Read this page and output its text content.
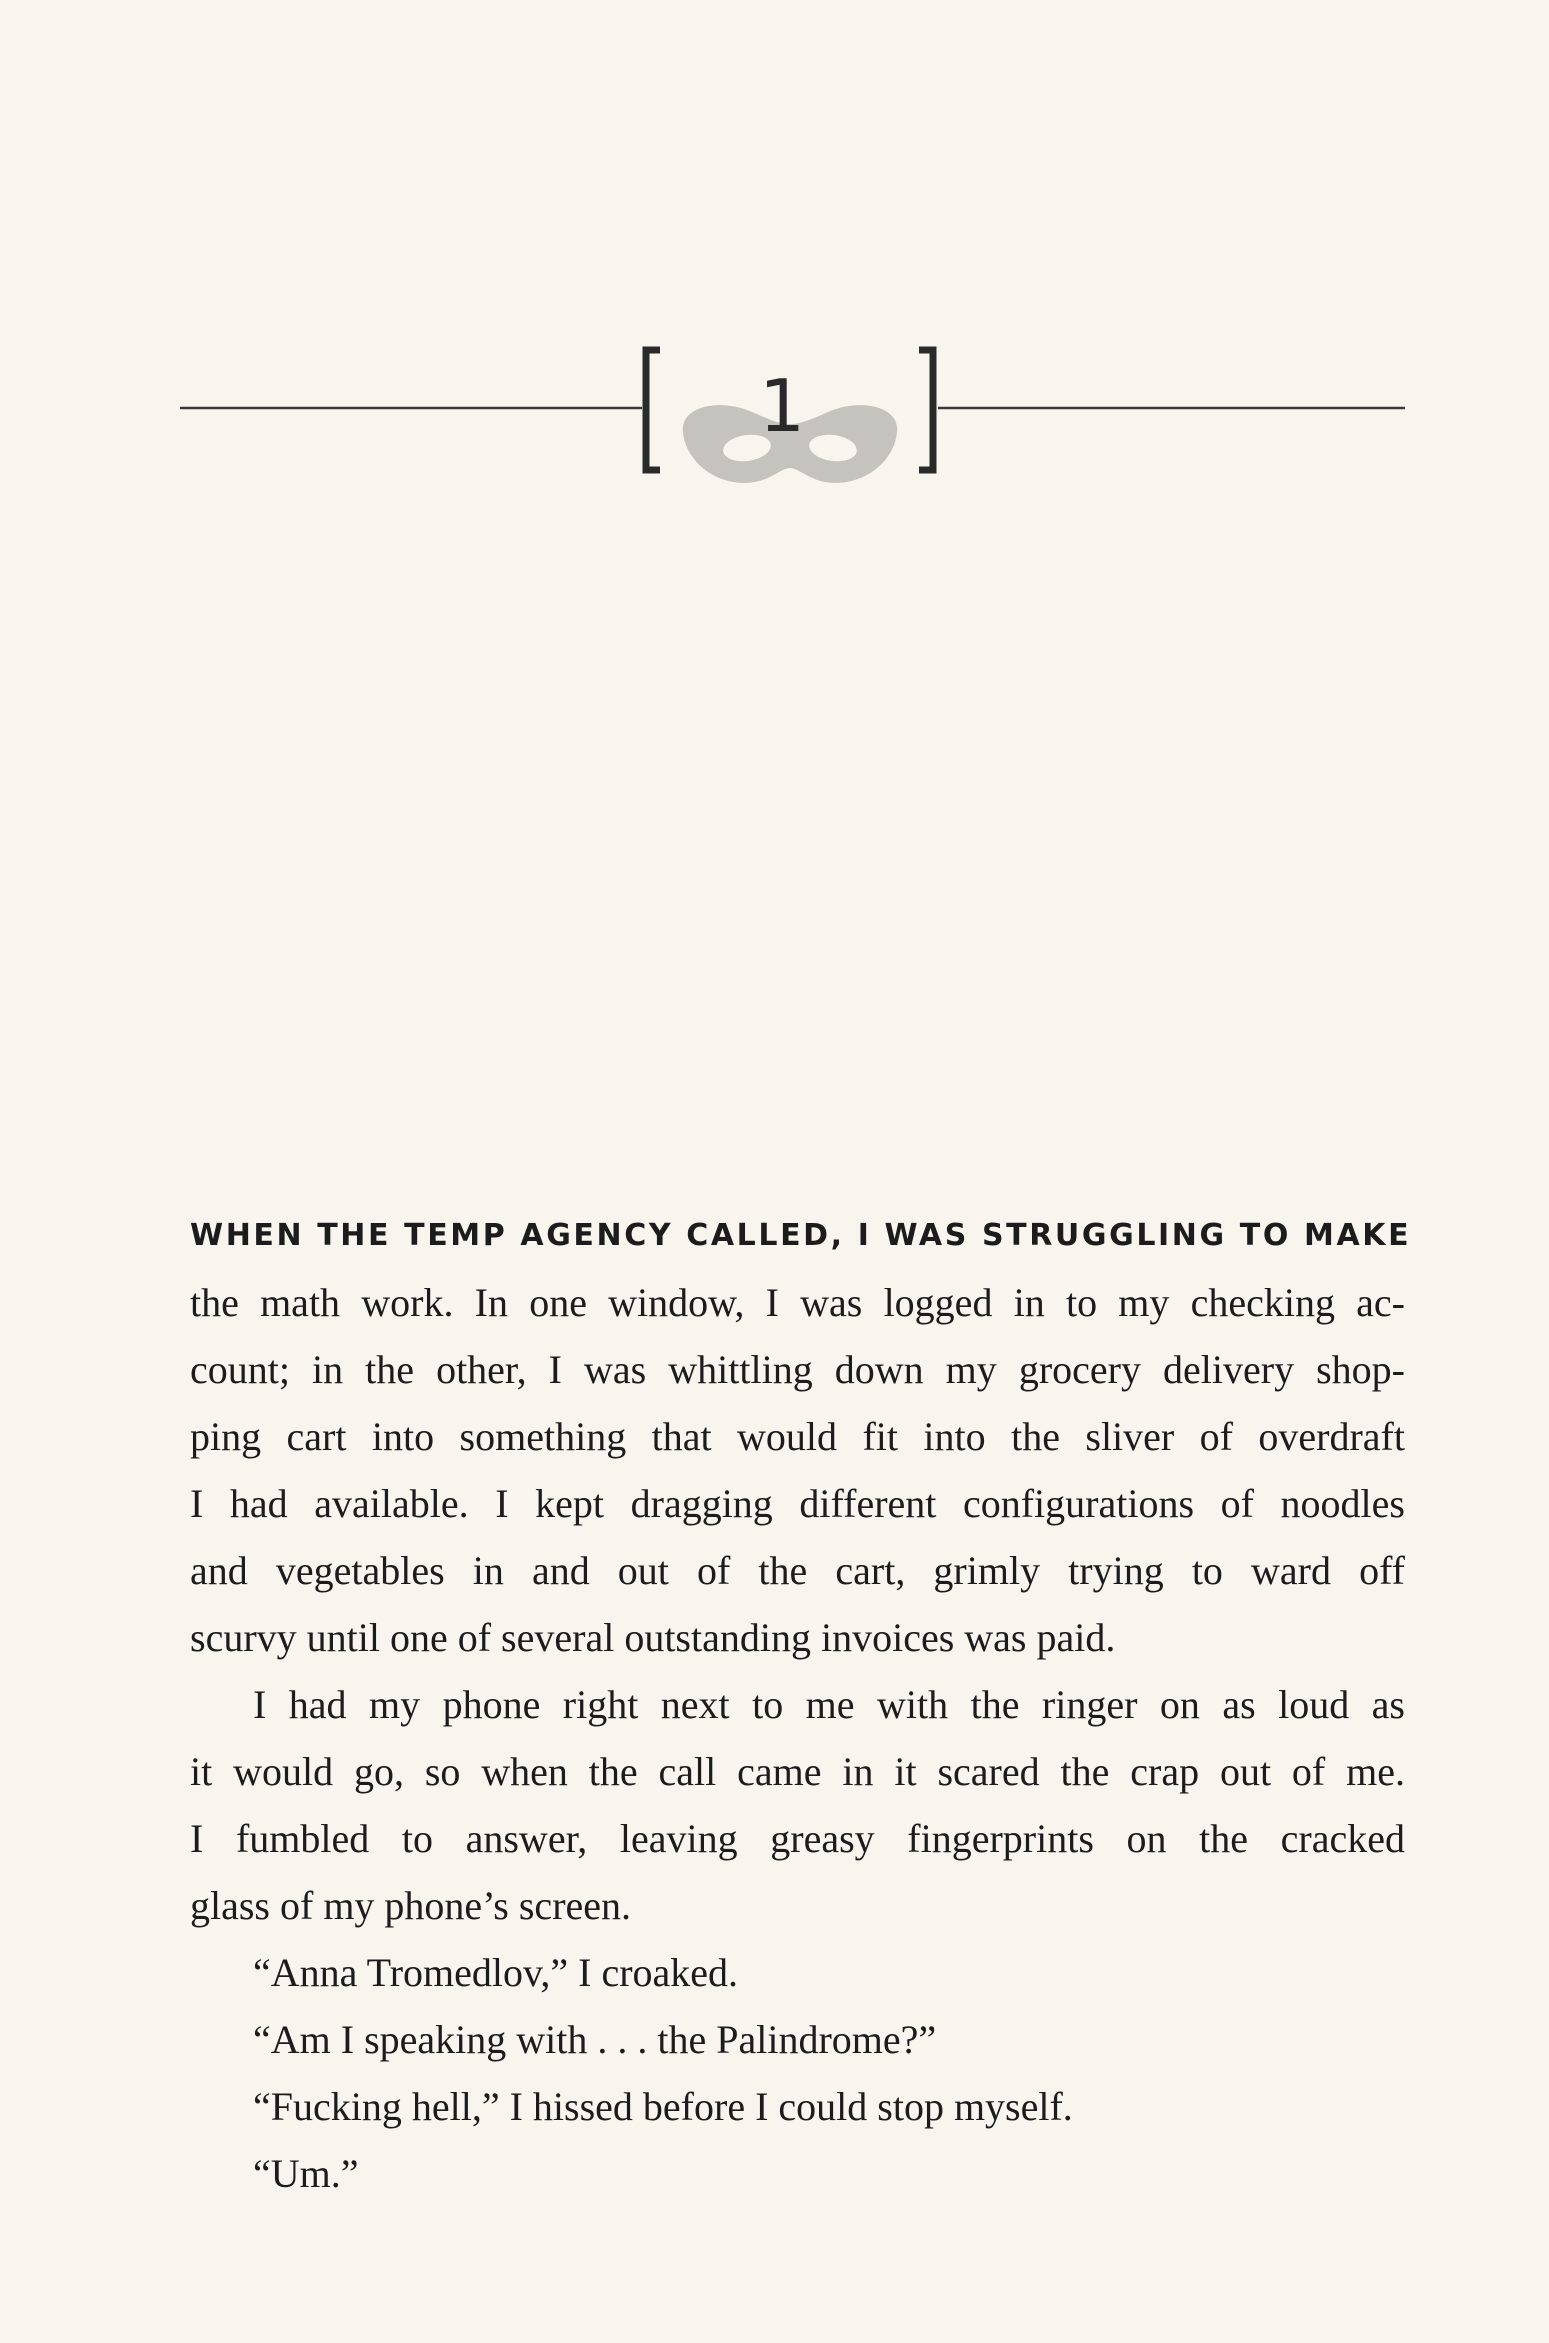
1

WHEN THE TEMP AGENCY CALLED, I WAS STRUGGLING TO MAKE
the math work. In one window, I was logged in to my checking ac-
count; in the other, I was whittling down my grocery delivery shop-
ping cart into something that would fit into the sliver of overdraft
I had available. I kept dragging different configurations of noodles
and vegetables in and out of the cart, grimly trying to ward off
scurvy until one of several outstanding invoices was paid.

I had my phone right next to me with the ringer on as loud as
it would go, so when the call came in it scared the crap out of me.
I fumbled to answer, leaving greasy fingerprints on the cracked
glass of my phone’s screen.

“Anna Tromedlov,” I croaked.

“Am I speaking with . . . the Palindrome?”

“Fucking hell,” I hissed before I could stop myself.

“Um.”
